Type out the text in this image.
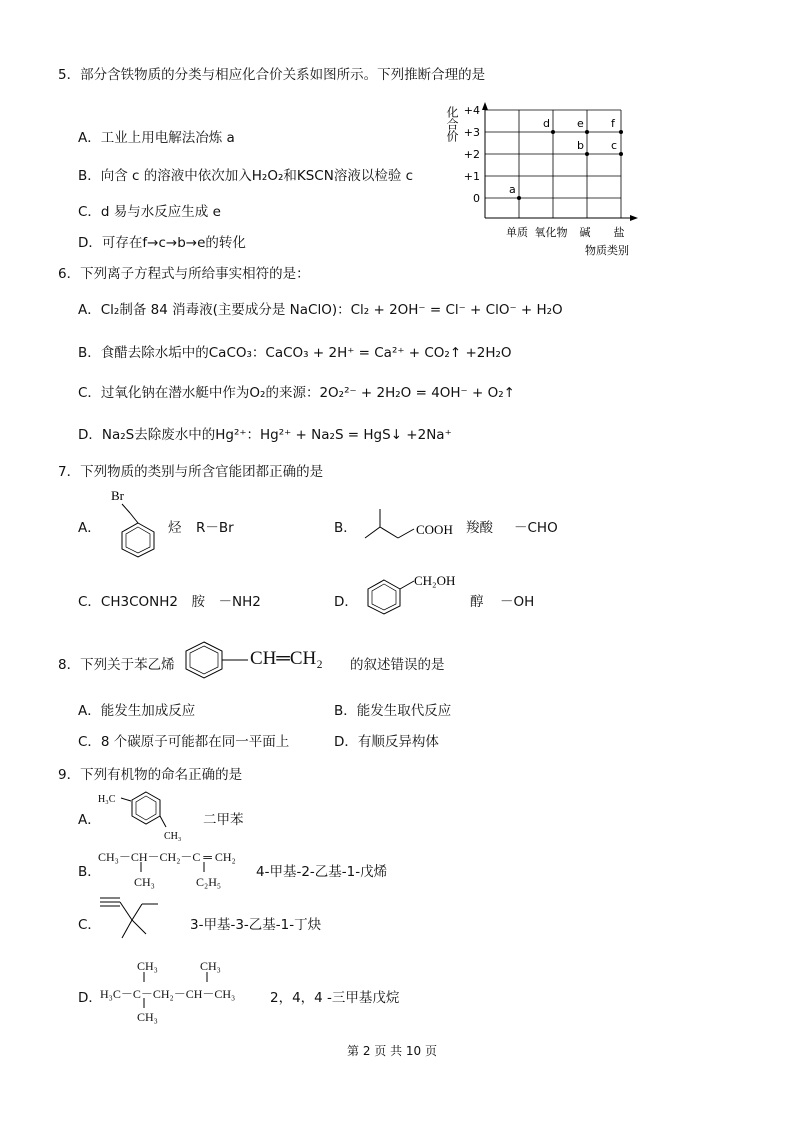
5．部分含铁物质的分类与相应化合价关系如图所示。下列推断合理的是
A．工业上用电解法冶炼 a
B．向含 c 的溶液中依次加入H₂O₂和KSCN溶液以检验 c
C．d 易与水反应生成 e
D．可存在f→c→b→e的转化
+4
+3
+2
+1
0
a
b c
d e f
单质 氧化物 碱 盐
化合价
物质类别
6．下列离子方程式与所给事实相符的是：
A．Cl₂制备 84 消毒液(主要成分是 NaClO)：Cl₂ + 2OH⁻ = Cl⁻ + ClO⁻ + H₂O
B．食醋去除水垢中的CaCO₃：CaCO₃ + 2H⁺ = Ca²⁺ + CO₂↑ +2H₂O
C．过氧化钠在潜水艇中作为O₂的来源：2O₂²⁻ + 2H₂O = 4OH⁻ + O₂↑
D．Na₂S去除废水中的Hg²⁺：Hg²⁺ + Na₂S = HgS↓ +2Na⁺
7．下列物质的类别与所含官能团都正确的是
A．
Br
烃 R－Br	B．	COOH 羧酸 －CHO
C．CH3CONH2　胺　－NH2	D．
CH₂OH
醇 －OH
8．下列关于苯乙烯	CH═CH₂ 的叙述错误的是
A．能发生加成反应	B．能发生取代反应
C．8 个碳原子可能都在同一平面上	D．有顺反异构体
9．下列有机物的命名正确的是
A．
H₃C
CH₃
二甲苯
B．
CH₃－CH－CH₂－C ═ CH₂
CH₃	C₂H₅
4-甲基-2-乙基-1-戊烯
C．	3-甲基-3-乙基-1-丁炔
D．
CH₃	CH₃
H₃C－C－CH₂－CH－CH₃
CH₃
2，4，4 -三甲基戊烷
第 2 页 共 10 页
